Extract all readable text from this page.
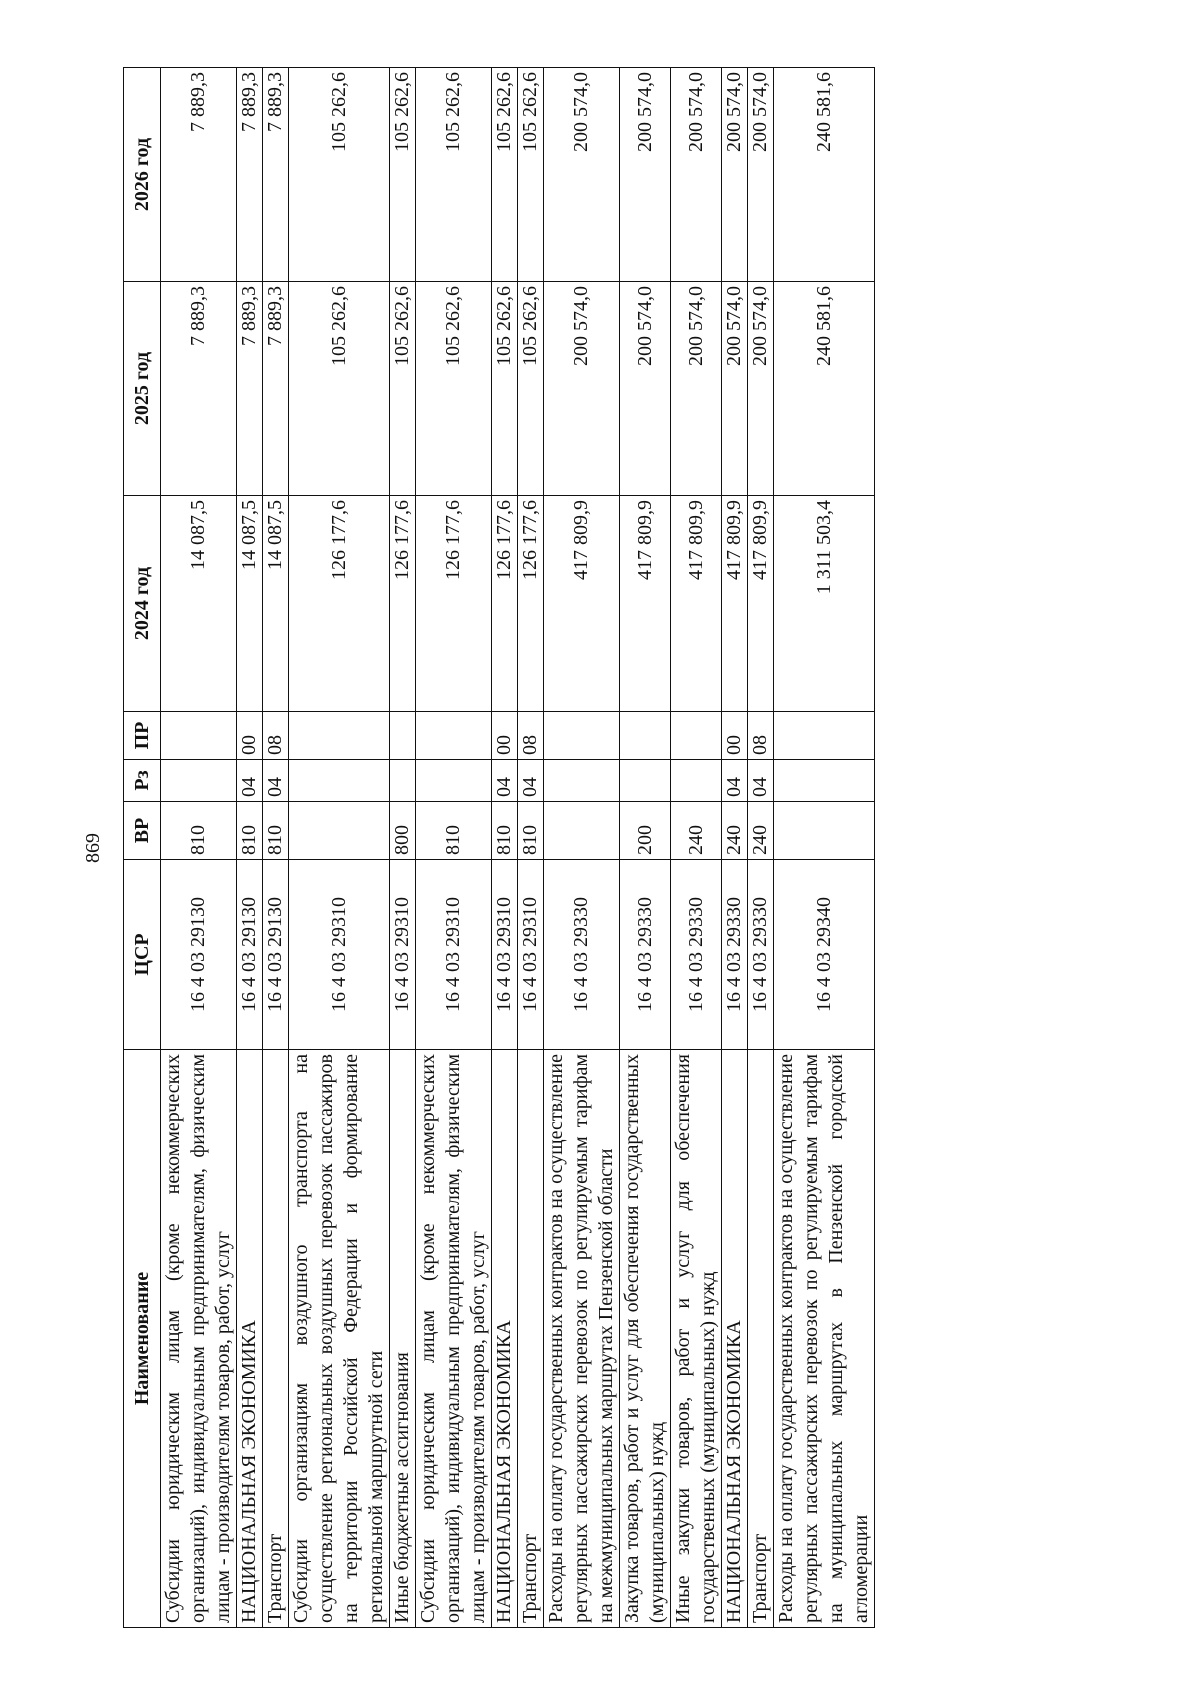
869
Наименование	ЦСР	ВР	Рз	ПР	2024 год	2025 год	2026 год
Субсидии юридическим лицам (кроме некоммерческих организаций), индивидуальным предпринимателям, физическим лицам - производителям товаров, работ, услуг	16 4 03 29130	810			14 087,5	7 889,3	7 889,3
НАЦИОНАЛЬНАЯ ЭКОНОМИКА	16 4 03 29130	810	04	00	14 087,5	7 889,3	7 889,3
Транспорт	16 4 03 29130	810	04	08	14 087,5	7 889,3	7 889,3
Субсидии организациям воздушного транспорта на осуществление региональных воздушных перевозок пассажиров на территории Российской Федерации и формирование региональной маршрутной сети	16 4 03 29310				126 177,6	105 262,6	105 262,6
Иные бюджетные ассигнования	16 4 03 29310	800			126 177,6	105 262,6	105 262,6
Субсидии юридическим лицам (кроме некоммерческих организаций), индивидуальным предпринимателям, физическим лицам - производителям товаров, работ, услуг	16 4 03 29310	810			126 177,6	105 262,6	105 262,6
НАЦИОНАЛЬНАЯ ЭКОНОМИКА	16 4 03 29310	810	04	00	126 177,6	105 262,6	105 262,6
Транспорт	16 4 03 29310	810	04	08	126 177,6	105 262,6	105 262,6
Расходы на оплату государственных контрактов на осуществление регулярных пассажирских перевозок по регулируемым тарифам на межмуниципальных маршрутах Пензенской области	16 4 03 29330				417 809,9	200 574,0	200 574,0
Закупка товаров, работ и услуг для обеспечения государственных (муниципальных) нужд	16 4 03 29330	200			417 809,9	200 574,0	200 574,0
Иные закупки товаров, работ и услуг для обеспечения государственных (муниципальных) нужд	16 4 03 29330	240			417 809,9	200 574,0	200 574,0
НАЦИОНАЛЬНАЯ ЭКОНОМИКА	16 4 03 29330	240	04	00	417 809,9	200 574,0	200 574,0
Транспорт	16 4 03 29330	240	04	08	417 809,9	200 574,0	200 574,0
Расходы на оплату государственных контрактов на осуществление регулярных пассажирских перевозок по регулируемым тарифам на муниципальных маршрутах в Пензенской городской агломерации	16 4 03 29340				1 311 503,4	240 581,6	240 581,6
